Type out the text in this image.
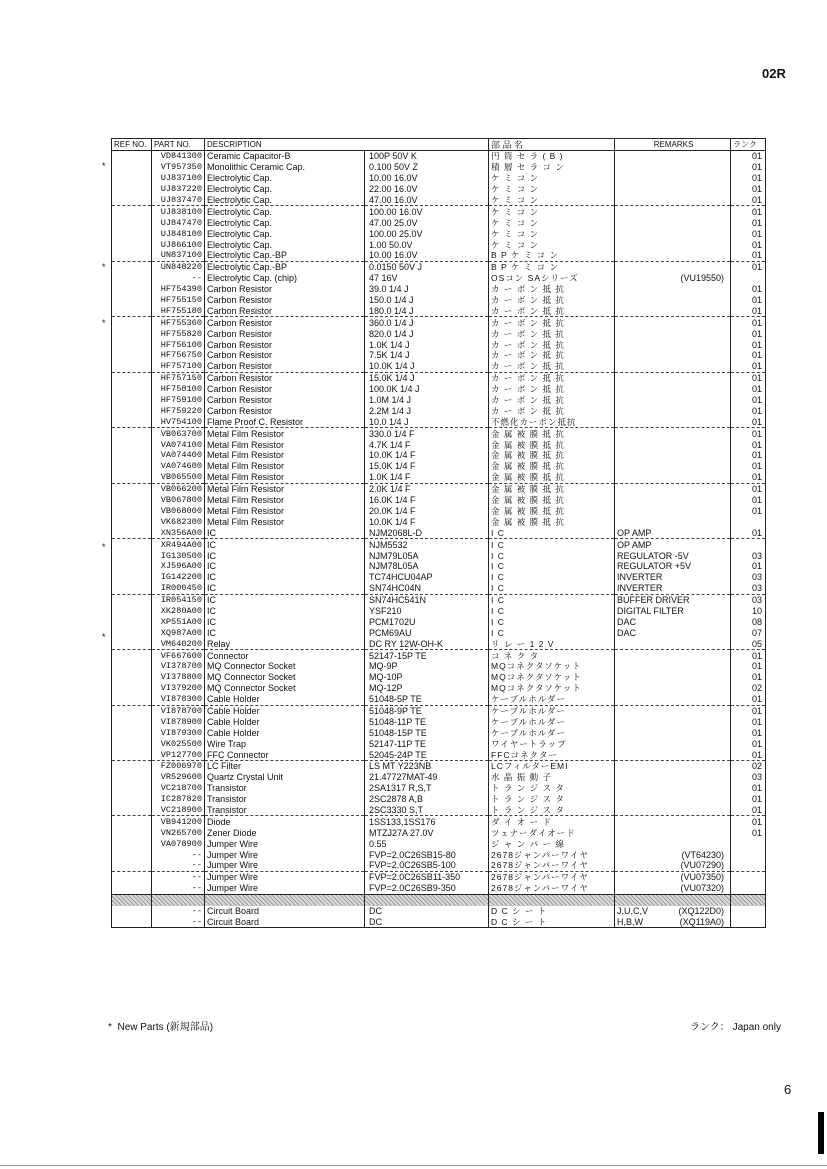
02R
REF NO.	PART NO.	DESCRIPTION		部 品 名	REMARKS	ランク
	VD841300	Ceramic Capacitor-B	100P 50V K	円 筒 セ ラ ( B )		01
	VT957350	Monolithic Ceramic Cap.	0.100 50V Z	積 層 セ ラ コ ン		01
	UJ837100	Electrolytic Cap.	10.00 16.0V	ケ ミ コ ン		01
	UJ837220	Electrolytic Cap.	22.00 16.0V	ケ ミ コ ン		01
	UJ837470	Electrolytic Cap.	47.00 16.0V	ケ ミ コ ン		01
	UJ838100	Electrolytic Cap.	100.00 16.0V	ケ ミ コ ン		01
	UJ847470	Electrolytic Cap.	47.00 25.0V	ケ ミ コ ン		01
	UJ848100	Electrolytic Cap.	100.00 25.0V	ケ ミ コ ン		01
	UJ866100	Electrolytic Cap.	1.00 50.0V	ケ ミ コ ン		01
	UN837100	Electrolytic Cap.-BP	10.00 16.0V	B P ケ ミ コ ン		01
	UN848220	Electrolytic Cap.-BP	0.0150 50V J	B P ケ ミ コ ン		01
	--	Electrolytic Cap. (chip)	47 16V	OSコン SAシリーズ	(VU19550)	

	HF754390	Carbon Resistor	39.0 1/4 J	カ ー ボ ン 抵 抗		01
	HF755150	Carbon Resistor	150.0 1/4 J	カ ー ボ ン 抵 抗		01
	HF755180	Carbon Resistor	180.0 1/4 J	カ ー ボ ン 抵 抗		01
	HF755360	Carbon Resistor	360.0 1/4 J	カ ー ボ ン 抵 抗		01
	HF755820	Carbon Resistor	820.0 1/4 J	カ ー ボ ン 抵 抗		01
	HF756100	Carbon Resistor	1.0K 1/4 J	カ ー ボ ン 抵 抗		01
	HF756750	Carbon Resistor	7.5K 1/4 J	カ ー ボ ン 抵 抗		01
	HF757100	Carbon Resistor	10.0K 1/4 J	カ ー ボ ン 抵 抗		01
	HF757150	Carbon Resistor	15.0K 1/4 J	カ ー ボ ン 抵 抗		01
	HF758100	Carbon Resistor	100.0K 1/4 J	カ ー ボ ン 抵 抗		01
	HF759100	Carbon Resistor	1.0M 1/4 J	カ ー ボ ン 抵 抗		01
	HF759220	Carbon Resistor	2.2M 1/4 J	カ ー ボ ン 抵 抗		01
	HV754100	Flame Proof C. Resistor	10.0 1/4 J	不燃化カーボン抵抗		01
	VB063700	Metal Film Resistor	330.0 1/4 F	金 属 被 膜 抵 抗		01
	VA074100	Metal Film Resistor	4.7K 1/4 F	金 属 被 膜 抵 抗		01
	VA074400	Metal Film Resistor	10.0K 1/4 F	金 属 被 膜 抵 抗		01
	VA074600	Metal Film Resistor	15.0K 1/4 F	金 属 被 膜 抵 抗		01
	VB065500	Metal Film Resistor	1.0K 1/4 F	金 属 被 膜 抵 抗		01
	VB066200	Metal Film Resistor	2.0K 1/4 F	金 属 被 膜 抵 抗		01
	VB067800	Metal Film Resistor	16.0K 1/4 F	金 属 被 膜 抵 抗		01
	VB068000	Metal Film Resistor	20.0K 1/4 F	金 属 被 膜 抵 抗		01
	VK682300	Metal Film Resistor	10.0K 1/4 F	金 属 被 膜 抵 抗	

	XN356A00	IC	NJM2068L-D	I C	OP AMP	01
	XR494A00	IC	NJM5532	I C	OP AMP

	IG130500	IC	NJM79L05A	I C	REGULATOR -5V	03
	XJ596A00	IC	NJM78L05A	I C	REGULATOR +5V	01
	IG142200	IC	TC74HCU04AP	I C	INVERTER	03
	IR000450	IC	SN74HC04N	I C	INVERTER	03
	IR054150	IC	SN74HC541N	I C	BUFFER DRIVER	03
	XK280A00	IC	YSF210	I C	DIGITAL FILTER	10
	XP551A00	IC	PCM1702U	I C	DAC	08
	XQ987A00	IC	PCM69AU	I C	DAC	07
	VM640200	Relay	DC RY 12W-OH-K	リ レ ー 1 2 V		05
	VF667600	Connector	52147-15P TE	コ ネ ク タ		01
	VI378700	MQ Connector Socket	MQ-9P	MQコネクタソケット		01
	VI378800	MQ Connector Socket	MQ-10P	MQコネクタソケット		01
	VI379200	MQ Connector Socket	MQ-12P	MQコネクタソケット		02
	VI878300	Cable Holder	51048-5P TE	ケーブルホルダー		01
	VI878700	Cable Holder	51048-9P TE	ケーブルホルダー		01
	VI878900	Cable Holder	51048-11P TE	ケーブルホルダー		01
	VI879300	Cable Holder	51048-15P TE	ケーブルホルダー		01
	VK025500	Wire Trap	52147-11P TE	ワイヤートラップ		01
	VP127700	FFC Connector	52045-24P TE	FFCコネクター		01
	FZ006970	LC Filter	LS MT Y223NB	LCフィルターEMI		02
	VR529600	Quartz Crystal Unit	21.47727MAT-49	水 晶 振 動 子		03
	VC218700	Transistor	2SA1317 R,S,T	ト ラ ン ジ ス タ		01
	IC287820	Transistor	2SC2878 A,B	ト ラ ン ジ ス タ		01
	VC218900	Transistor	2SC3330 S,T	ト ラ ン ジ ス タ		01
	VB941200	Diode	1SS133,1SS176	ダ イ オ ー ド		01
	VN265700	Zener Diode	MTZJ27A 27.0V	ツェナーダイオード		01
	VA078900	Jumper Wire	0.55	ジ ャ ン パ ー 線	

	--	Jumper Wire	FVP=2.0C26SB15-80	2678ジャンパーワイヤ	(VT64230)	

	--	Jumper Wire	FVP=2.0C26SB5-100	2678ジャンパーワイヤ	(VU07290)	

	--	Jumper Wire	FVP=2.0C26SB11-350	2678ジャンパーワイヤ	(VU07350)	

	--	Jumper Wire	FVP=2.0C26SB9-350	2678ジャンパーワイヤ	(VU07320)	

	--	Circuit Board	DC	D C シ ー ト	J,U,C,V (XQ122D0)	

	--	Circuit Board	DC	D C シ ー ト	H,B,W (XQ119A0)	

*
*
*
*
*
* New Parts (新規部品)	ランク： Japan only
6
